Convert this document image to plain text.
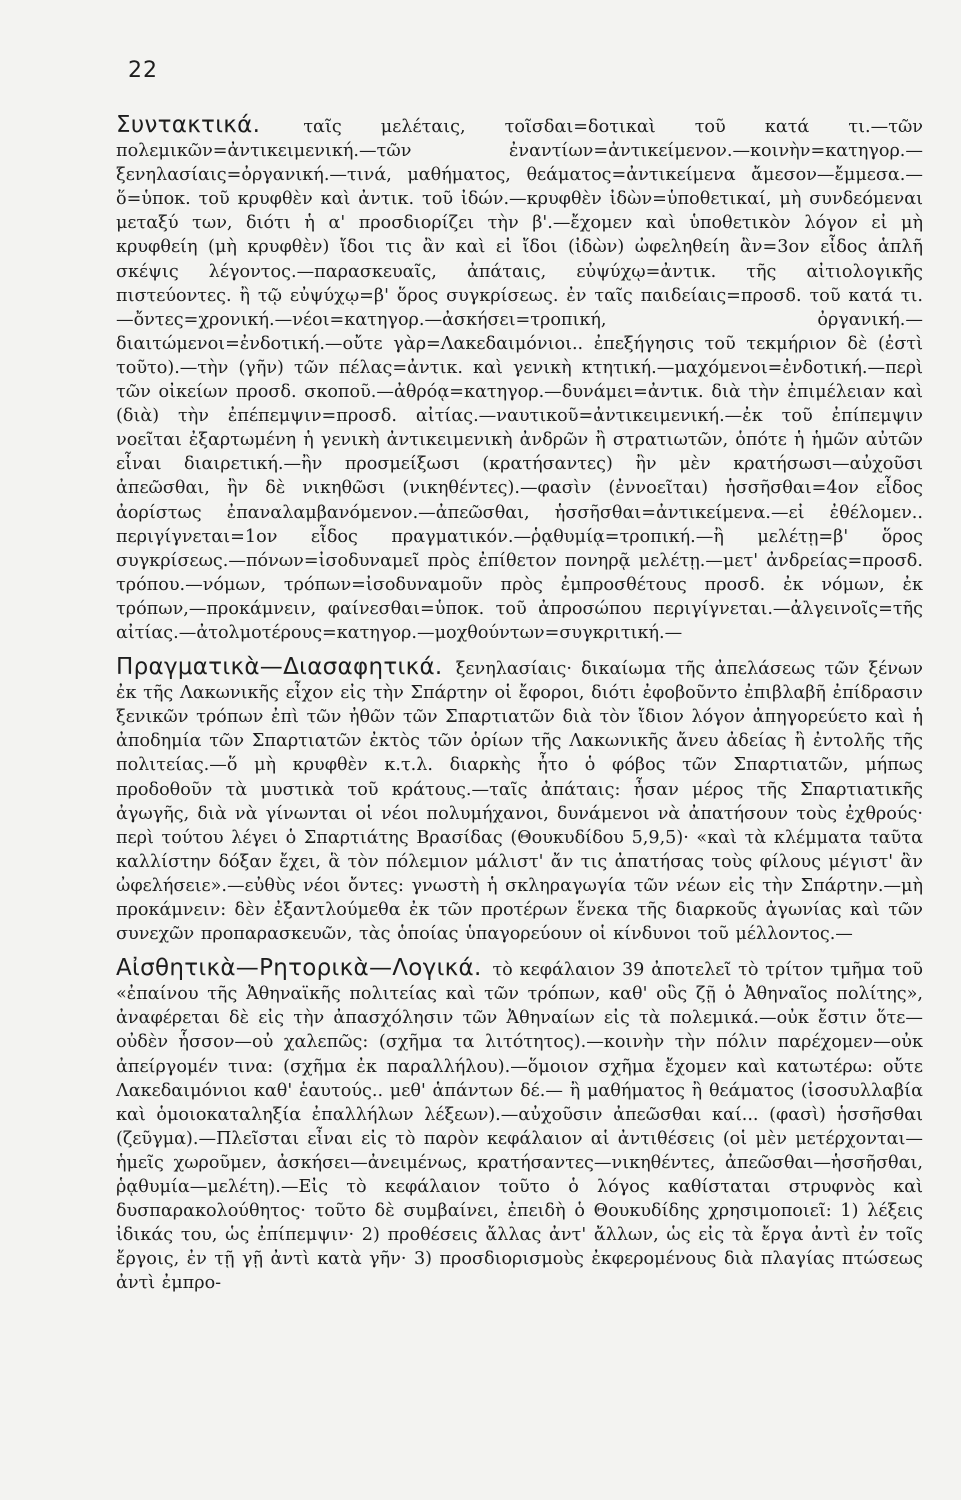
22

Συντακτικά. ταῖς μελέταις, τοῖσδαι=δοτικαὶ τοῦ κατά τι.—τῶν πολεμικῶν=ἀντικειμενική.—τῶν ἐναντίων=ἀντικείμενον.—κοινὴν=κατηγορ.—ξενηλασίαις=ὀργανική.—τινά, μαθήματος, θεάματος=ἀντικείμενα ἄμεσον—ἔμμεσα.—ὅ=ὑποκ. τοῦ κρυφθὲν καὶ ἀντικ. τοῦ ἰδών.—κρυφθὲν ἰδὼν=ὑποθετικαί, μὴ συνδεόμεναι μεταξύ των, διότι ἡ α' προσδιορίζει τὴν β'.—ἔχομεν καὶ ὑποθετικὸν λόγον εἰ μὴ κρυφθείη (μὴ κρυφθὲν) ἴδοι τις ἂν καὶ εἰ ἴδοι (ἰδὼν) ὠφεληθείη ἂν=3ον εἶδος ἁπλῆ σκέψις λέγοντος.—παρασκευαῖς, ἀπάταις, εὐψύχῳ=ἀντικ. τῆς αἰτιολογικῆς πιστεύοντες. ἢ τῷ εὐψύχῳ=β' ὅρος συγκρίσεως. ἐν ταῖς παιδείαις=προσδ. τοῦ κατά τι.—ὄντες=χρονική.—νέοι=κατηγορ.—ἀσκήσει=τροπική, ὀργανική.—διαιτώμενοι=ἐνδοτική.—οὔτε γὰρ=Λακεδαιμόνιοι.. ἐπεξήγησις τοῦ τεκμήριον δὲ (ἐστὶ τοῦτο).—τὴν (γῆν) τῶν πέλας=ἀντικ. καὶ γενικὴ κτητική.—μαχόμενοι=ἐνδοτική.—περὶ τῶν οἰκείων προσδ. σκοποῦ.—ἀθρόᾳ=κατηγορ.—δυνάμει=ἀντικ. διὰ τὴν ἐπιμέλειαν καὶ (διὰ) τὴν ἐπέπεμψιν=προσδ. αἰτίας.—ναυτικοῦ=ἀντικειμενική.—ἐκ τοῦ ἐπίπεμψιν νοεῖται ἐξαρτωμένη ἡ γενικὴ ἀντικειμενικὴ ἀνδρῶν ἢ στρατιωτῶν, ὁπότε ἡ ἡμῶν αὐτῶν εἶναι διαιρετική.—ἢν προσμείξωσι (κρατήσαντες) ἢν μὲν κρατήσωσι—αὐχοῦσι ἀπεῶσθαι, ἢν δὲ νικηθῶσι (νικηθέντες).—φασὶν (ἐννοεῖται) ἡσσῆσθαι=4ον εἶδος ἀορίστως ἐπαναλαμβανόμενον.—ἀπεῶσθαι, ἡσσῆσθαι=ἀντικείμενα.—εἰ ἐθέλομεν.. περιγίγνεται=1ον εἶδος πραγματικόν.—ῥᾳθυμίᾳ=τροπική.—ἢ μελέτῃ=β' ὅρος συγκρίσεως.—πόνων=ἰσοδυναμεῖ πρὸς ἐπίθετον πονηρᾷ μελέτῃ.—μετ' ἀνδρείας=προσδ. τρόπου.—νόμων, τρόπων=ἰσοδυναμοῦν πρὸς ἐμπροσθέτους προσδ. ἐκ νόμων, ἐκ τρόπων,—προκάμνειν, φαίνεσθαι=ὑποκ. τοῦ ἀπροσώπου περιγίγνεται.—ἀλγεινοῖς=τῆς αἰτίας.—ἀτολμοτέρους=κατηγορ.—μοχθούντων=συγκριτική.—

Πραγματικὰ—Διασαφητικά. ξενηλασίαις· δικαίωμα τῆς ἀπελάσεως τῶν ξένων ἐκ τῆς Λακωνικῆς εἶχον εἰς τὴν Σπάρτην οἱ ἔφοροι, διότι ἐφοβοῦντο ἐπιβλαβῆ ἐπίδρασιν ξενικῶν τρόπων ἐπὶ τῶν ἠθῶν τῶν Σπαρτιατῶν διὰ τὸν ἴδιον λόγον ἀπηγορεύετο καὶ ἡ ἀποδημία τῶν Σπαρτιατῶν ἐκτὸς τῶν ὁρίων τῆς Λακωνικῆς ἄνευ ἀδείας ἢ ἐντολῆς τῆς πολιτείας.—ὅ μὴ κρυφθὲν κ.τ.λ. διαρκὴς ἦτο ὁ φόβος τῶν Σπαρτιατῶν, μήπως προδοθοῦν τὰ μυστικὰ τοῦ κράτους.—ταῖς ἀπάταις: ἦσαν μέρος τῆς Σπαρτιατικῆς ἀγωγῆς, διὰ νὰ γίνωνται οἱ νέοι πολυμήχανοι, δυνάμενοι νὰ ἀπατήσουν τοὺς ἐχθρούς· περὶ τούτου λέγει ὁ Σπαρτιάτης Βρασίδας (Θουκυδίδου 5,9,5)· «καὶ τὰ κλέμματα ταῦτα καλλίστην δόξαν ἔχει, ἃ τὸν πόλεμιον μάλιστ' ἄν τις ἀπατήσας τοὺς φίλους μέγιστ' ἂν ὠφελήσειε».—εὐθὺς νέοι ὄντες: γνωστὴ ἡ σκληραγωγία τῶν νέων εἰς τὴν Σπάρτην.—μὴ προκάμνειν: δὲν ἐξαντλούμεθα ἐκ τῶν προτέρων ἕνεκα τῆς διαρκοῦς ἀγωνίας καὶ τῶν συνεχῶν προπαρασκευῶν, τὰς ὁποίας ὑπαγορεύουν οἱ κίνδυνοι τοῦ μέλλοντος.—

Αἰσθητικὰ—Ρητορικὰ—Λογικά. τὸ κεφάλαιον 39 ἀποτελεῖ τὸ τρίτον τμῆμα τοῦ «ἐπαίνου τῆς Ἀθηναϊκῆς πολιτείας καὶ τῶν τρόπων, καθ' οὓς ζῇ ὁ Ἀθηναῖος πολίτης», ἀναφέρεται δὲ εἰς τὴν ἀπασχόλησιν τῶν Ἀθηναίων εἰς τὰ πολεμικά.—οὐκ ἔστιν ὅτε—οὐδὲν ἧσσον—οὐ χαλεπῶς: (σχῆμα τα λιτότητος).—κοινὴν τὴν πόλιν παρέχομεν—οὐκ ἀπείργομέν τινα: (σχῆμα ἐκ παραλλήλου).—ὅμοιον σχῆμα ἔχομεν καὶ κατωτέρω: οὔτε Λακεδαιμόνιοι καθ' ἑαυτούς.. μεθ' ἁπάντων δέ.— ἢ μαθήματος ἢ θεάματος (ἰσοσυλλαβία καὶ ὁμοιοκαταληξία ἐπαλλήλων λέξεων).—αὐχοῦσιν ἀπεῶσθαι καί... (φασὶ) ἡσσῆσθαι (ζεῦγμα).—Πλεῖσται εἶναι εἰς τὸ παρὸν κεφάλαιον αἱ ἀντιθέσεις (οἱ μὲν μετέρχονται—ἡμεῖς χωροῦμεν, ἀσκήσει—ἀνειμένως, κρατήσαντες—νικηθέντες, ἀπεῶσθαι—ἡσσῆσθαι, ῥᾳθυμία—μελέτη).—Εἰς τὸ κεφάλαιον τοῦτο ὁ λόγος καθίσταται στρυφνὸς καὶ δυσπαρακολούθητος· τοῦτο δὲ συμβαίνει, ἐπειδὴ ὁ Θουκυδίδης χρησιμοποιεῖ: 1) λέξεις ἰδικάς του, ὡς ἐπίπεμψιν· 2) προθέσεις ἄλλας ἀντ' ἄλλων, ὡς εἰς τὰ ἔργα ἀντὶ ἐν τοῖς ἔργοις, ἐν τῇ γῇ ἀντὶ κατὰ γῆν· 3) προσδιορισμοὺς ἐκφερομένους διὰ πλαγίας πτώσεως ἀντὶ ἐμπρο-
